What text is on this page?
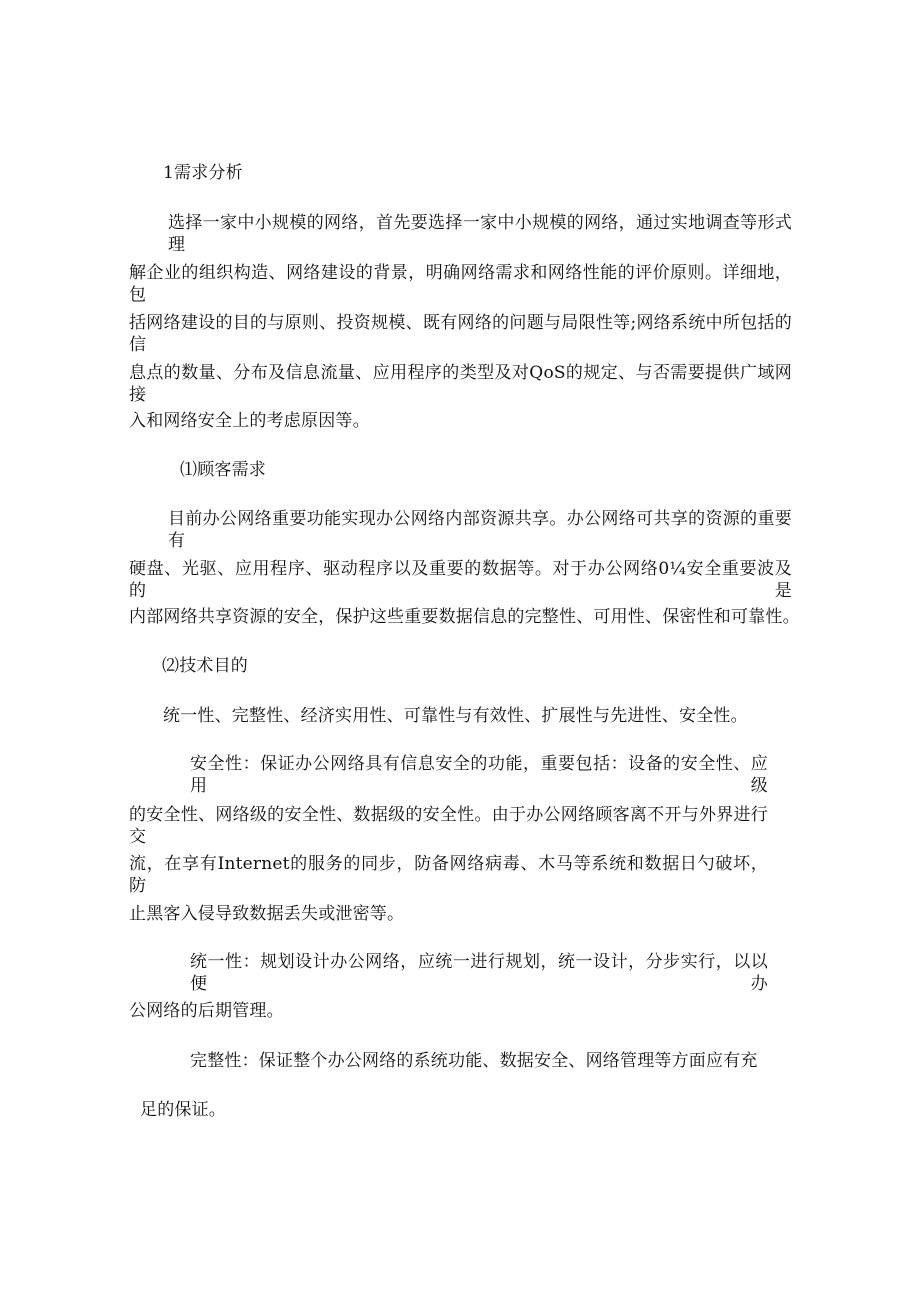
1需求分析
选择一家中小规模的网络，首先要选择一家中小规模的网络，通过实地调查等形式理
解企业的组织构造、网络建设的背景，明确网络需求和网络性能的评价原则。详细地，包
括网络建设的目的与原则、投资规模、既有网络的问题与局限性等;网络系统中所包括的信
息点的数量、分布及信息流量、应用程序的类型及对QoS的规定、与否需要提供广域网接
入和网络安全上的考虑原因等。
⑴顾客需求
目前办公网络重要功能实现办公网络内部资源共享。办公网络可共享的资源的重要有
硬盘、光驱、应用程序、驱动程序以及重要的数据等。对于办公网络0¼安全重要波及的是
内部网络共享资源的安全，保护这些重要数据信息的完整性、可用性、保密性和可靠性。
⑵技术目的
统一性、完整性、经济实用性、可靠性与有效性、扩展性与先进性、安全性。
安全性：保证办公网络具有信息安全的功能，重要包括：设备的安全性、应用级
的安全性、网络级的安全性、数据级的安全性。由于办公网络顾客离不开与外界进行交
流，在享有Internet的服务的同步，防备网络病毒、木马等系统和数据日勺破坏，防
止黑客入侵导致数据丢失或泄密等。
统一性：规划设计办公网络，应统一进行规划，统一设计，分步实行，以以便办
公网络的后期管理。
完整性：保证整个办公网络的系统功能、数据安全、网络管理等方面应有充
足的保证。
